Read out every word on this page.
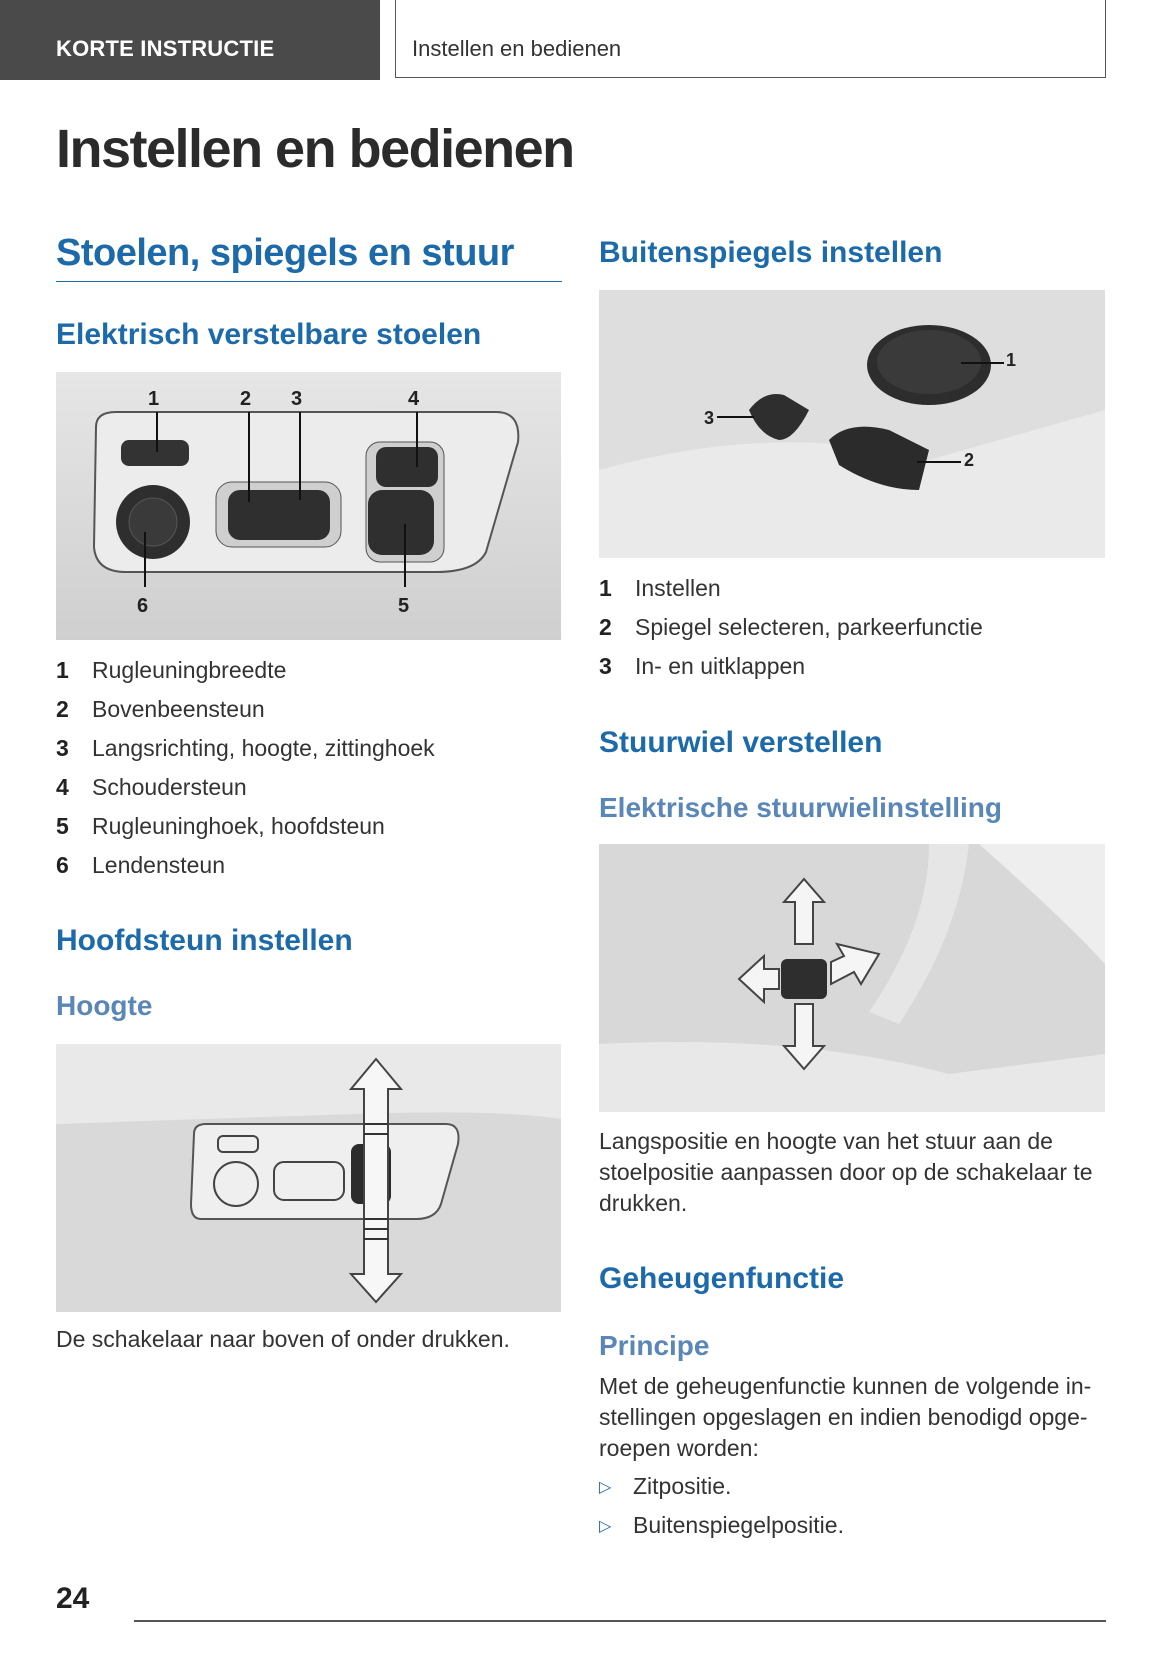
KORTE INSTRUCTIE	Instellen en bedienen
Instellen en bedienen
Stoelen, spiegels en stuur
Elektrisch verstelbare stoelen
1	2 3	4
5
6
1	Rugleuningbreedte
2	Bovenbeensteun
3	Langsrichting, hoogte, zittinghoek
4	Schoudersteun
5	Rugleuninghoek, hoofdsteun
6	Lendensteun
Hoofdsteun instellen
Hoogte

De schakelaar naar boven of onder drukken.

Buitenspiegels instellen
1
2
3
1	Instellen
2	Spiegel selecteren, parkeerfunctie
3	In- en uitklappen
Stuurwiel verstellen
Elektrische stuurwielinstelling

Langspositie en hoogte van het stuur aan de
stoelpositie aanpassen door op de schakelaar te
drukken.

Geheugenfunctie
Principe

Met de geheugenfunctie kunnen de volgende in-
stellingen opgeslagen en indien benodigd opge-
roepen worden:

▷ Zitpositie.
▷ Buitenspiegelpositie.
24
